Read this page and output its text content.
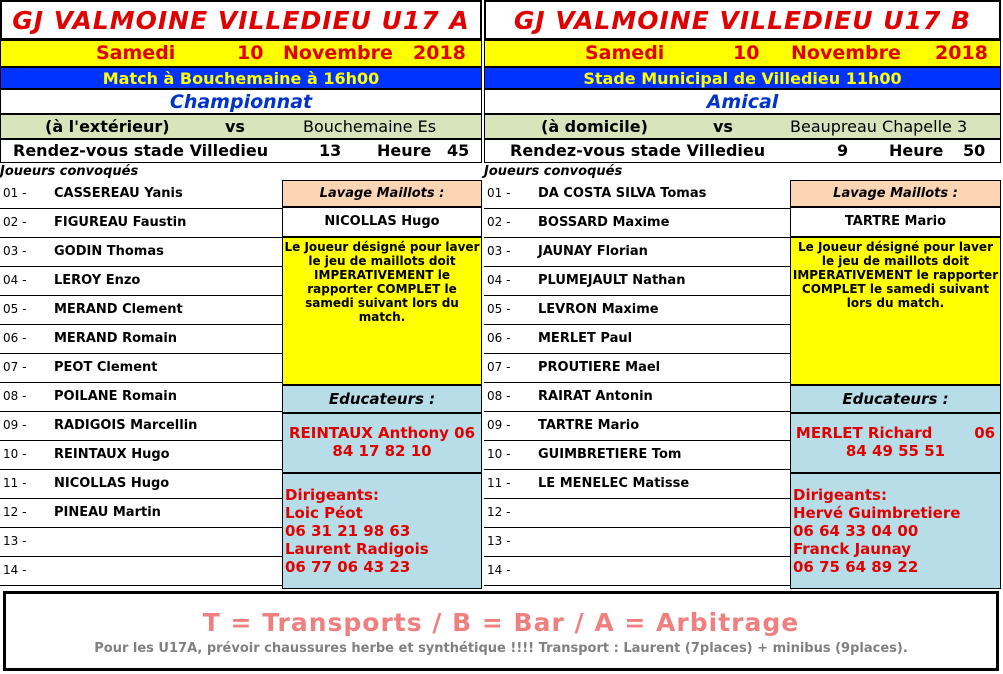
GJ VALMOINE VILLEDIEU U17 A
Samedi	10 Novembre 2018
Match à Bouchemaine à 16h00
Championnat
(à l'extérieur)	vs	Bouchemaine Es
Rendez-vous stade Villedieu	13 Heure 45
Joueurs convoqués
01 - CASSEREAU Yanis
02 - FIGUREAU Faustin
03 - GODIN Thomas
04 - LEROY Enzo
05 - MERAND Clement
06 - MERAND Romain
07 - PEOT Clement
08 - POILANE Romain
09 - RADIGOIS Marcellin
10 - REINTAUX Hugo
11 - NICOLLAS Hugo
12 - PINEAU Martin
13 -
14 -
Lavage Maillots :
NICOLLAS Hugo
Le Joueur désigné pour laver le jeu de maillots doit IMPERATIVEMENT le rapporter COMPLET le samedi suivant lors du match.
Educateurs :
REINTAUX Anthony 06
84 17 82 10
Dirigeants:
Loic Péot
06 31 21 98 63
Laurent Radigois
06 77 06 43 23
GJ VALMOINE VILLEDIEU U17 B
Samedi	10 Novembre 2018
Stade Municipal de Villedieu 11h00
Amical
(à domicile)	vs	Beaupreau Chapelle 3
Rendez-vous stade Villedieu	9	Heure 50
Joueurs convoqués
01 - DA COSTA SILVA Tomas
02 - BOSSARD Maxime
03 - JAUNAY Florian
04 - PLUMEJAULT Nathan
05 - LEVRON Maxime
06 - MERLET Paul
07 - PROUTIERE Mael
08 - RAIRAT Antonin
09 - TARTRE Mario
10 - GUIMBRETIERE Tom
11 - LE MENELEC Matisse
12 -
13 -
14 -
Lavage Maillots :
TARTRE Mario
Le Joueur désigné pour laver le jeu de maillots doit IMPERATIVEMENT le rapporter COMPLET le samedi suivant lors du match.
Educateurs :
MERLET Richard        06
84 49 55 51
Dirigeants:
Hervé Guimbretiere
06 64 33 04 00
Franck Jaunay
06 75 64 89 22
T = Transports / B = Bar / A = Arbitrage
Pour les U17A, prévoir chaussures herbe et synthétique !!!! Transport : Laurent (7places) + minibus (9places).
